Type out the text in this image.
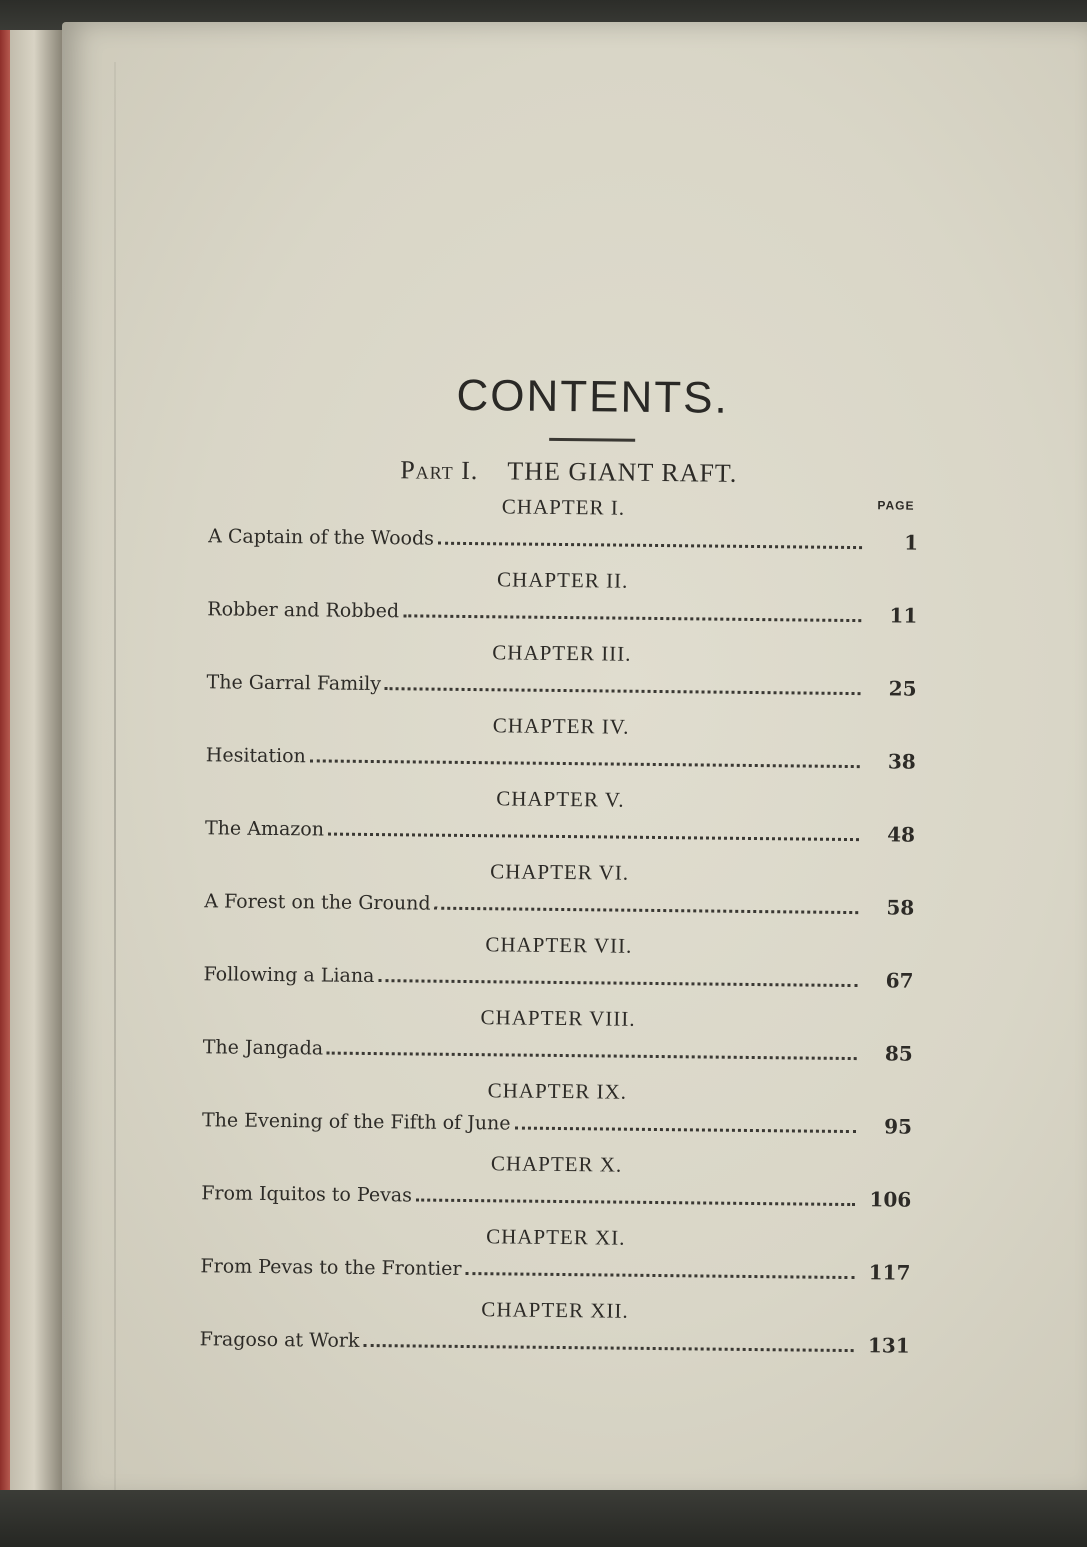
CONTENTS.
Part I. THE GIANT RAFT.
PAGE
CHAPTER I.
A Captain of the Woods	1
CHAPTER II.
Robber and Robbed	11
CHAPTER III.
The Garral Family	25
CHAPTER IV.
Hesitation	38
CHAPTER V.
The Amazon	48
CHAPTER VI.
A Forest on the Ground	58
CHAPTER VII.
Following a Liana	67
CHAPTER VIII.
The Jangada	85
CHAPTER IX.
The Evening of the Fifth of June	95
CHAPTER X.
From Iquitos to Pevas	106
CHAPTER XI.
From Pevas to the Frontier	117
CHAPTER XII.
Fragoso at Work	131
